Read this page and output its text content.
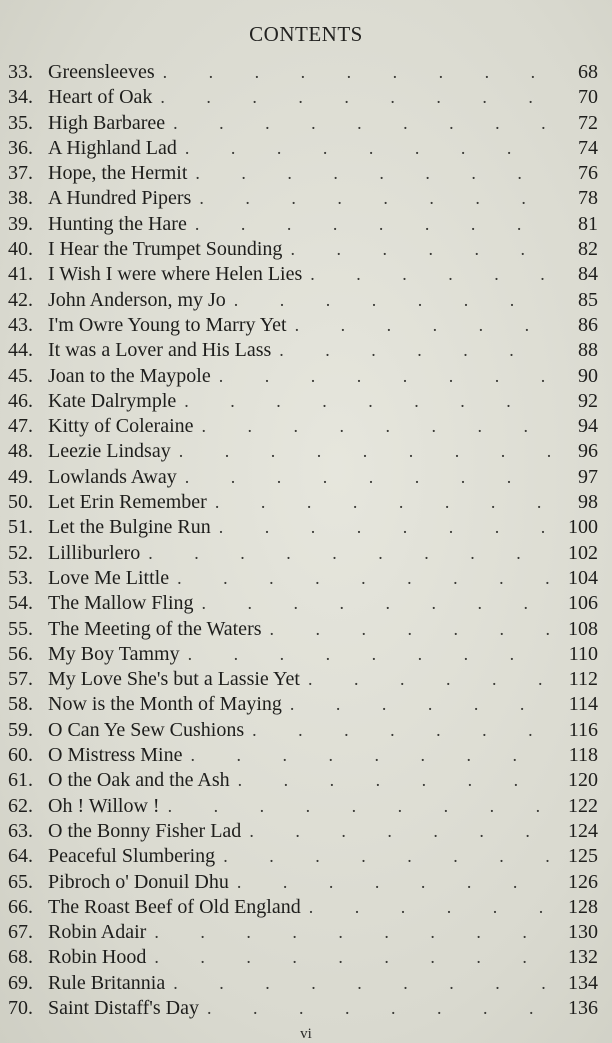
CONTENTS
. . .
33. Greensleeves	68
. . .
34. Heart of Oak	70
. . .
35. High Barbaree	72
. . .
36. A Highland Lad	74
. . .
37. Hope, the Hermit	76
. . .
38. A Hundred Pipers	78
. . .
39. Hunting the Hare	81
. . .
40. I Hear the Trumpet Sounding	82
. . .
41. I Wish I were where Helen Lies	84
. . .
42. John Anderson, my Jo	85
. . .
43. I'm Owre Young to Marry Yet	86
. . .
44. It was a Lover and His Lass	88
. . .
45. Joan to the Maypole	90
. . .
46. Kate Dalrymple	92
. . .
47. Kitty of Coleraine	94
. . .
48. Leezie Lindsay	96
. . .
49. Lowlands Away	97
. . .
50. Let Erin Remember	98
. . .
51. Let the Bulgine Run	100
. . .
52. Lilliburlero	102
. . .
53. Love Me Little	104
. . .
54. The Mallow Fling	106
. . .
55. The Meeting of the Waters	108
. . .
56. My Boy Tammy	110
. . .
57. My Love She's but a Lassie Yet	112
. . .
58. Now is the Month of Maying	114
. . .
59. O Can Ye Sew Cushions	116
. . .
60. O Mistress Mine	118
. . .
61. O the Oak and the Ash	120
. . .
62. Oh ! Willow !	122
. . .
63. O the Bonny Fisher Lad	124
. . .
64. Peaceful Slumbering	125
. . .
65. Pibroch o' Donuil Dhu	126
. . .
66. The Roast Beef of Old England	128
. . .
67. Robin Adair	130
. . .
68. Robin Hood	132
. . .
69. Rule Britannia	134
. . .
70. Saint Distaff's Day	136
vi
